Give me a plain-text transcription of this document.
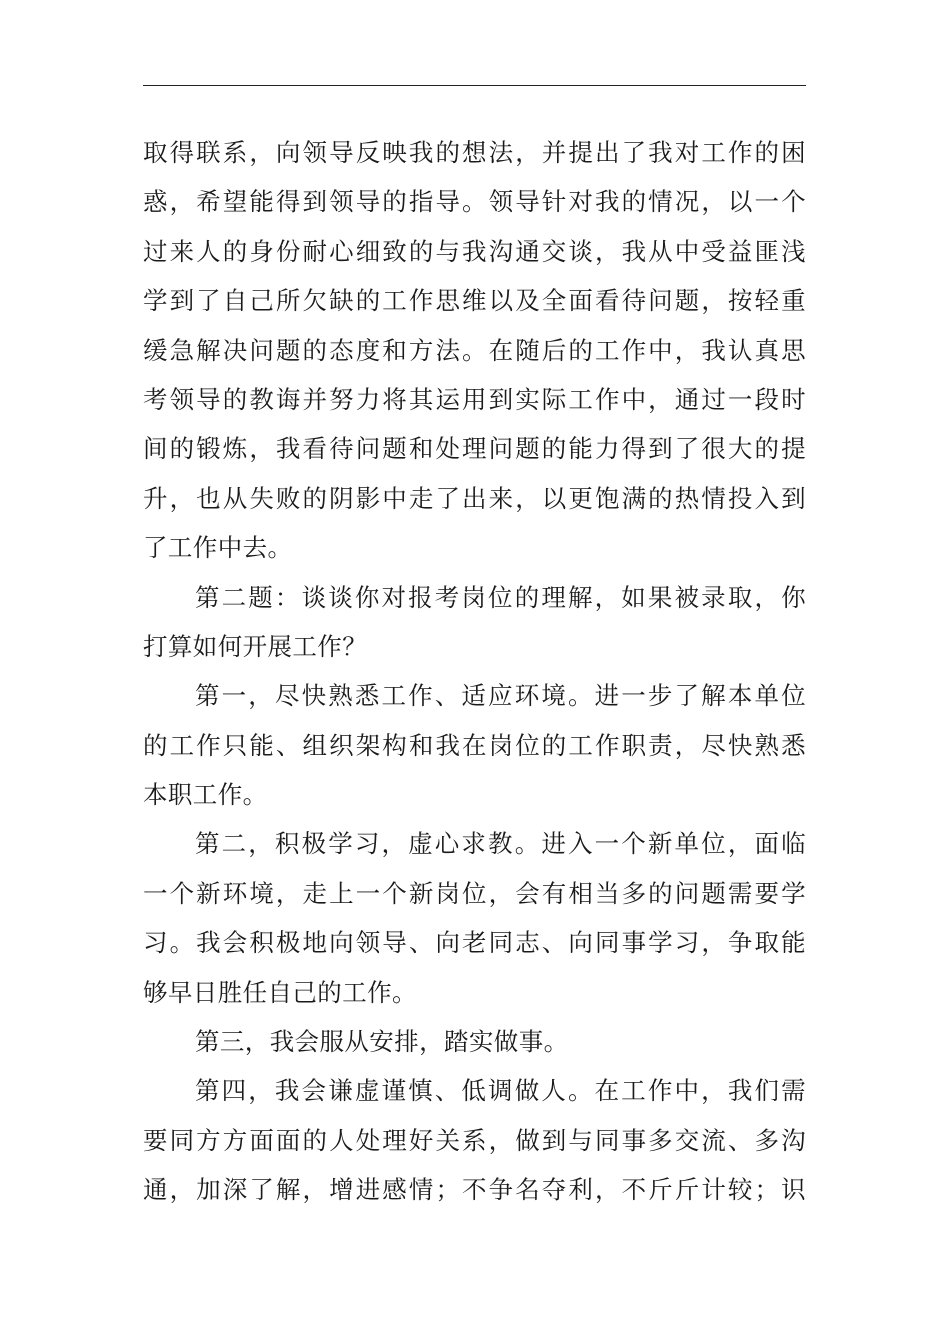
取得联系，向领导反映我的想法，并提出了我对工作的困
惑，希望能得到领导的指导。领导针对我的情况，以一个
过来人的身份耐心细致的与我沟通交谈，我从中受益匪浅
学到了自己所欠缺的工作思维以及全面看待问题，按轻重
缓急解决问题的态度和方法。在随后的工作中，我认真思
考领导的教诲并努力将其运用到实际工作中，通过一段时
间的锻炼，我看待问题和处理问题的能力得到了很大的提
升，也从失败的阴影中走了出来，以更饱满的热情投入到
了工作中去。
第二题：谈谈你对报考岗位的理解，如果被录取，你
打算如何开展工作？
第一，尽快熟悉工作、适应环境。进一步了解本单位
的工作只能、组织架构和我在岗位的工作职责，尽快熟悉
本职工作。
第二，积极学习，虚心求教。进入一个新单位，面临
一个新环境，走上一个新岗位，会有相当多的问题需要学
习。我会积极地向领导、向老同志、向同事学习，争取能
够早日胜任自己的工作。
第三，我会服从安排，踏实做事。
第四，我会谦虚谨慎、低调做人。在工作中，我们需
要同方方面面的人处理好关系，做到与同事多交流、多沟
通，加深了解，增进感情；不争名夺利，不斤斤计较；识
